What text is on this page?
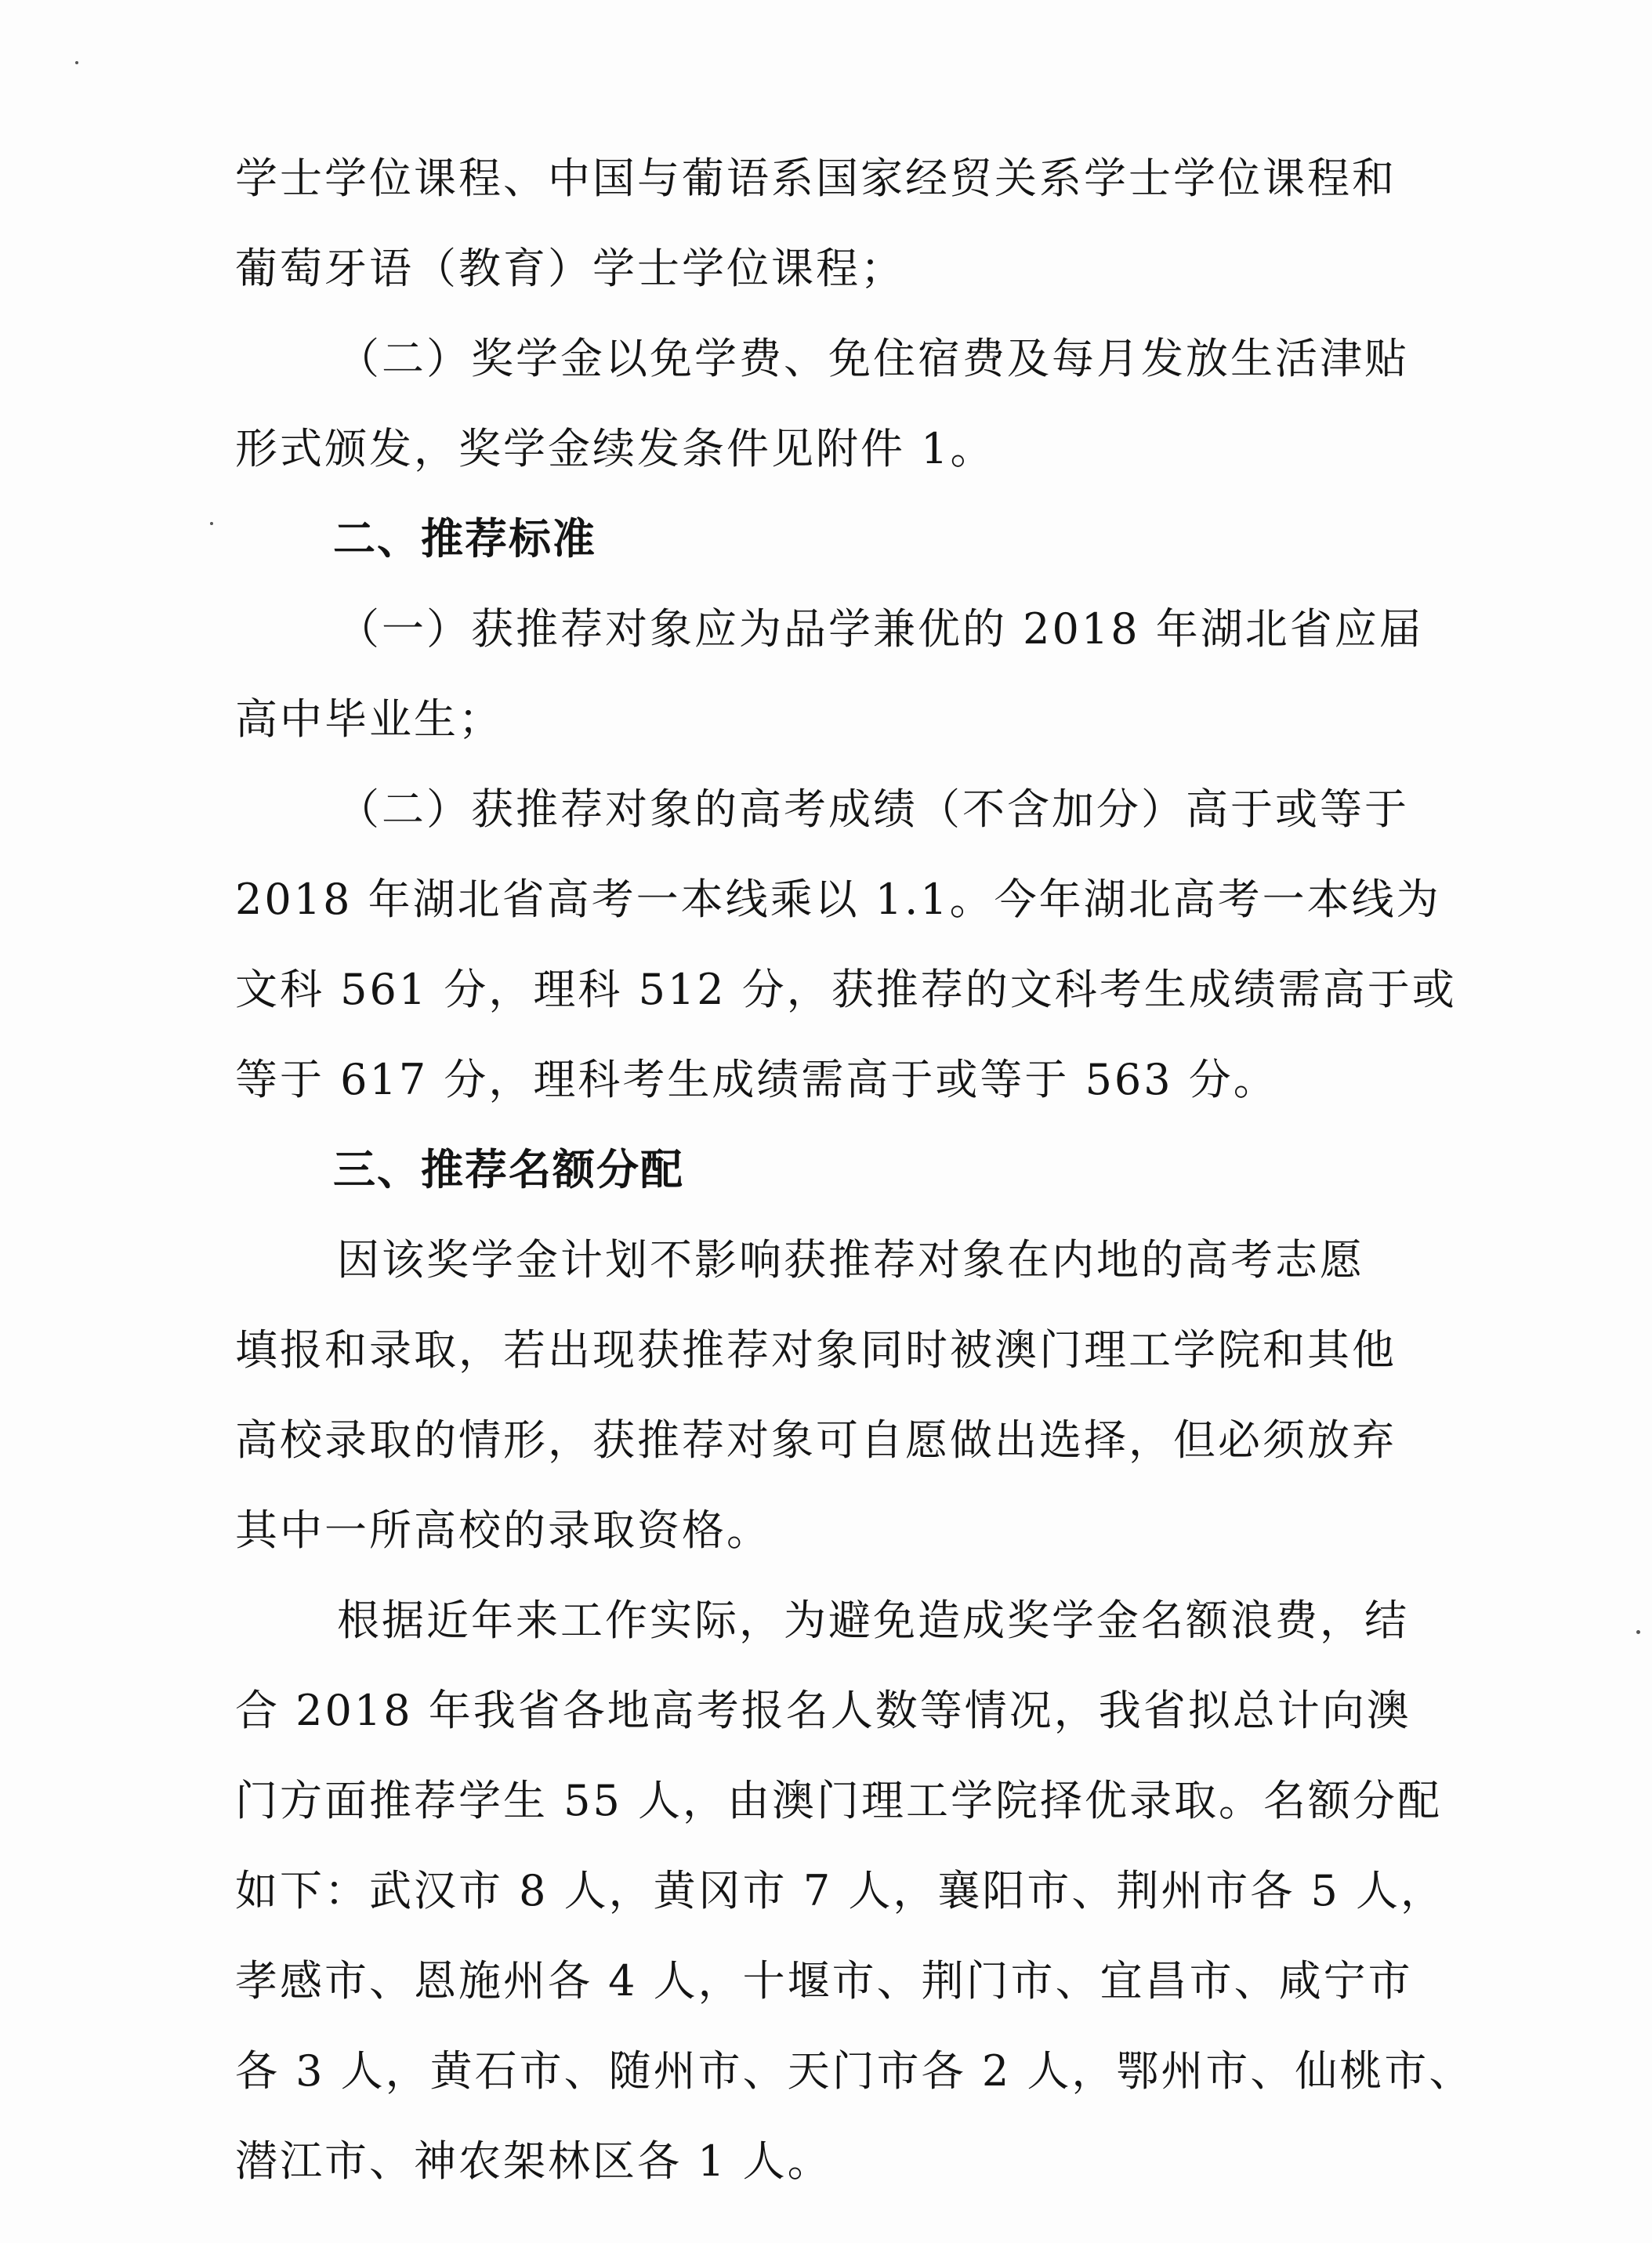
学士学位课程、中国与葡语系国家经贸关系学士学位课程和
葡萄牙语（教育）学士学位课程；
（二）奖学金以免学费、免住宿费及每月发放生活津贴
形式颁发，奖学金续发条件见附件 1。
二、推荐标准
（一）获推荐对象应为品学兼优的 2018 年湖北省应届
高中毕业生；
（二）获推荐对象的高考成绩（不含加分）高于或等于
2018 年湖北省高考一本线乘以 1.1。今年湖北高考一本线为
文科 561 分，理科 512 分，获推荐的文科考生成绩需高于或
等于 617 分，理科考生成绩需高于或等于 563 分。
三、推荐名额分配
因该奖学金计划不影响获推荐对象在内地的高考志愿
填报和录取，若出现获推荐对象同时被澳门理工学院和其他
高校录取的情形，获推荐对象可自愿做出选择，但必须放弃
其中一所高校的录取资格。
根据近年来工作实际，为避免造成奖学金名额浪费，结
合 2018 年我省各地高考报名人数等情况，我省拟总计向澳
门方面推荐学生 55 人，由澳门理工学院择优录取。名额分配
如下：武汉市 8 人，黄冈市 7 人，襄阳市、荆州市各 5 人，
孝感市、恩施州各 4 人，十堰市、荆门市、宜昌市、咸宁市
各 3 人，黄石市、随州市、天门市各 2 人，鄂州市、仙桃市、
潜江市、神农架林区各 1 人。
